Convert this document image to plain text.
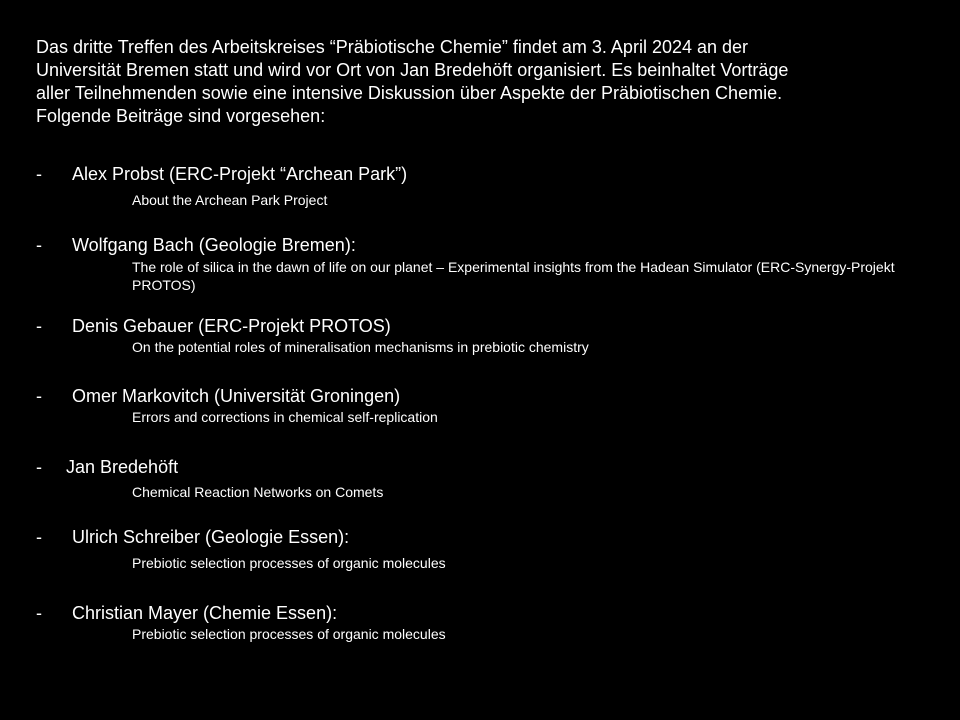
Das dritte Treffen des Arbeitskreises “Präbiotische Chemie” findet am 3. April 2024 an der
Universität Bremen statt und wird vor Ort von Jan Bredehöft organisiert. Es beinhaltet Vorträge
aller Teilnehmenden sowie eine intensive Diskussion über Aspekte der Präbiotischen Chemie.
Folgende Beiträge sind vorgesehen:
- Alex Probst (ERC-Projekt “Archean Park”)
About the Archean Park Project
- Wolfgang Bach (Geologie Bremen):
The role of silica in the dawn of life on our planet – Experimental insights from the Hadean Simulator (ERC-Synergy-Projekt PROTOS)
- Denis Gebauer (ERC-Projekt PROTOS)
On the potential roles of mineralisation mechanisms in prebiotic chemistry
- Omer Markovitch (Universität Groningen)
Errors and corrections in chemical self-replication
- Jan Bredehöft
Chemical Reaction Networks on Comets
- Ulrich Schreiber (Geologie Essen):
Prebiotic selection processes of organic molecules
- Christian Mayer (Chemie Essen):
Prebiotic selection processes of organic molecules
